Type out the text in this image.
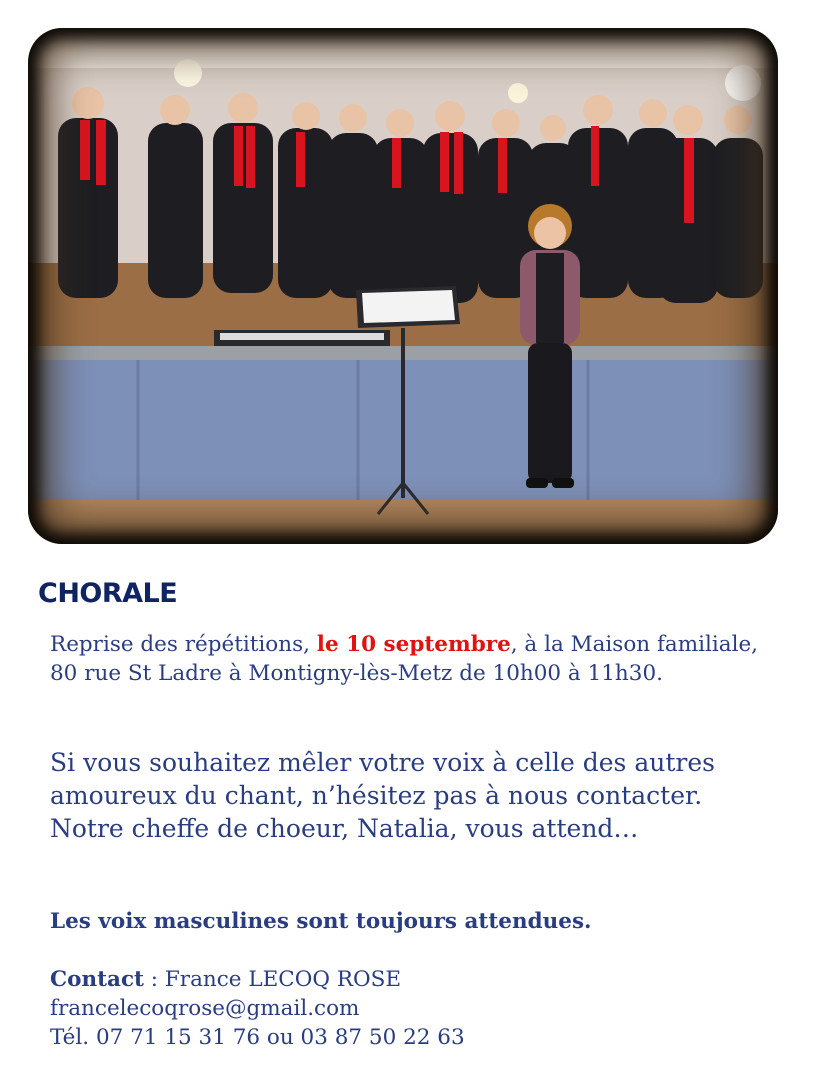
CHORALE
Reprise des répétitions, le 10 septembre, à la Maison familiale, 80 rue St Ladre à Montigny-lès-Metz de 10h00 à 11h30.
Si vous souhaitez mêler votre voix à celle des autres amoureux du chant, n’hésitez pas à nous contacter. Notre cheffe de choeur, Natalia, vous attend…
Les voix masculines sont toujours attendues.
Contact : France LECOQ ROSE
francelecoqrose@gmail.com
Tél. 07 71 15 31 76 ou 03 87 50 22 63
